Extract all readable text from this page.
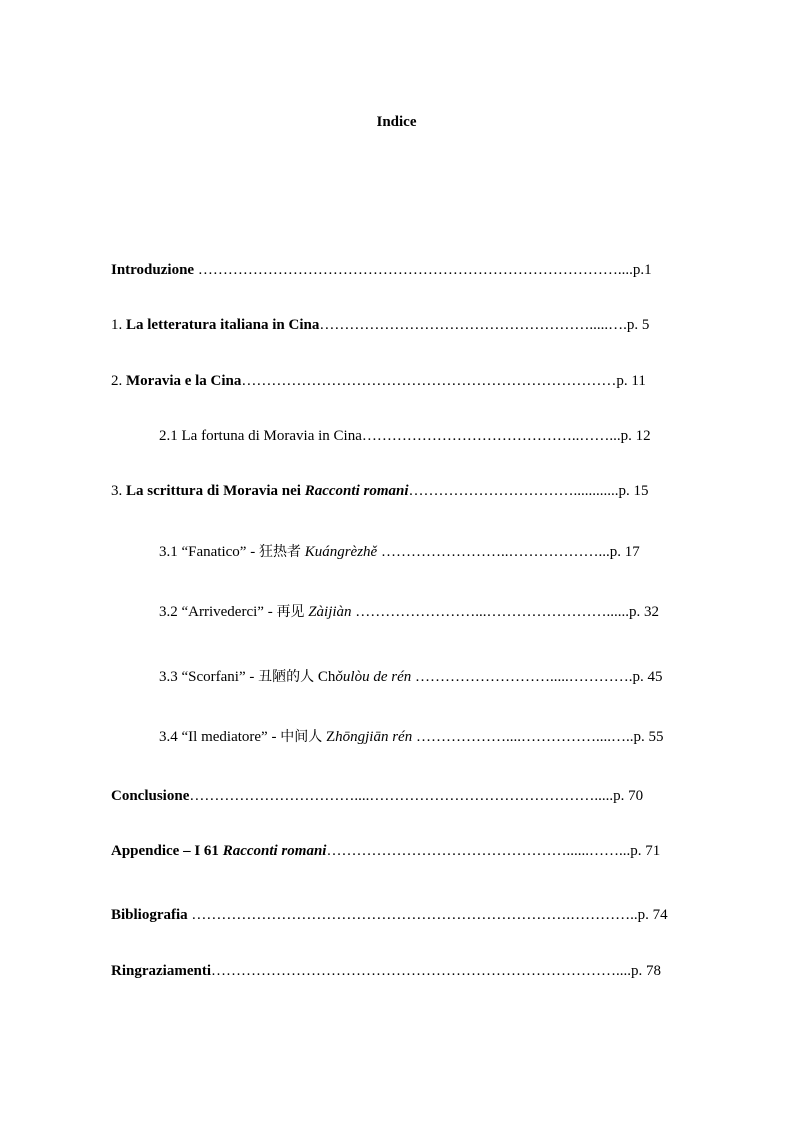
Indice
Introduzione …………………………………………………………………………....p.1
1. La letteratura italiana in Cina……………………………………………….....….p. 5
2. Moravia e la Cina…………………………………………………………………p. 11
2.1 La fortuna di Moravia in Cina……………………………………..……...p. 12
3. La scrittura di Moravia nei Racconti romani……………………………............p. 15
3.1 “Fanatico” - 狂热者 Kuángrèzhě ……………………..………………...p. 17
3.2 “Arrivederci” - 再见 Zàijiàn ……………………...……………………......p. 32
3.3 “Scorfani” - 丑陋的人 Chǒulòu de rén ……………………….....………….p. 45
3.4 “Il mediatore” - 中间人 Zhōngjiān rén ………………....……………....…..p. 55
Conclusione……………………………....……………………………………….....p. 70
Appendice – I 61 Racconti romani…………………………………………......……...p. 71
Bibliografia ………………………………………………………………….…………..p. 74
Ringraziamenti………………………………………………………………………....p. 78
